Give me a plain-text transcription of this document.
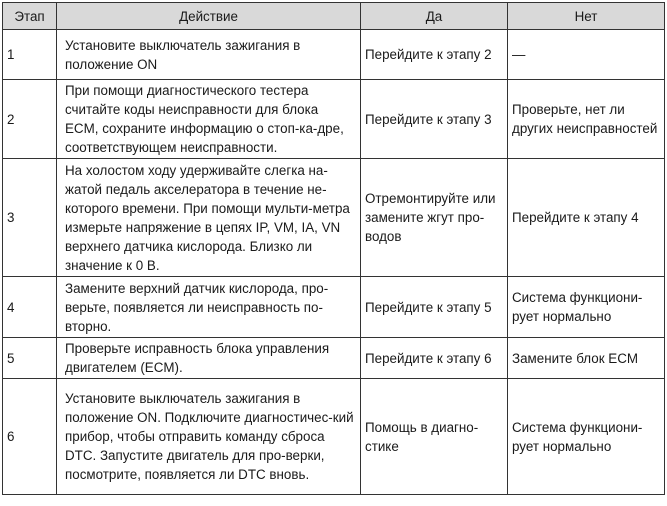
Этап	Действие	Да	Нет
1	Установите выключатель зажигания в положение ON	Перейдите к этапу 2	—
2	При помощи диагностического тестера считайте коды неисправности для блока ECM, сохраните информацию о стоп-ка-дре, соответствующем неисправности.	Перейдите к этапу 3	Проверьте, нет ли других неисправностей
3	На холостом ходу удерживайте слегка на-жатой педаль акселератора в течение не-которого времени. При помощи мульти-метра измерьте напряжение в цепях IP, VM, IA, VN верхнего датчика кислорода. Близко ли значение к 0 В.	Отремонтируйте или замените жгут про-водов	Перейдите к этапу 4
4	Замените верхний датчик кислорода, про-верьте, появляется ли неисправность по-вторно.	Перейдите к этапу 5	Система функциони-рует нормально
5	Проверьте исправность блока управления двигателем (ECM).	Перейдите к этапу 6	Замените блок ECM
6	Установите выключатель зажигания в положение ON. Подключите диагностичес-кий прибор, чтобы отправить команду сброса DTC. Запустите двигатель для про-верки, посмотрите, появляется ли DTC вновь.	Помощь в диагно-стике	Система функциони-рует нормально
